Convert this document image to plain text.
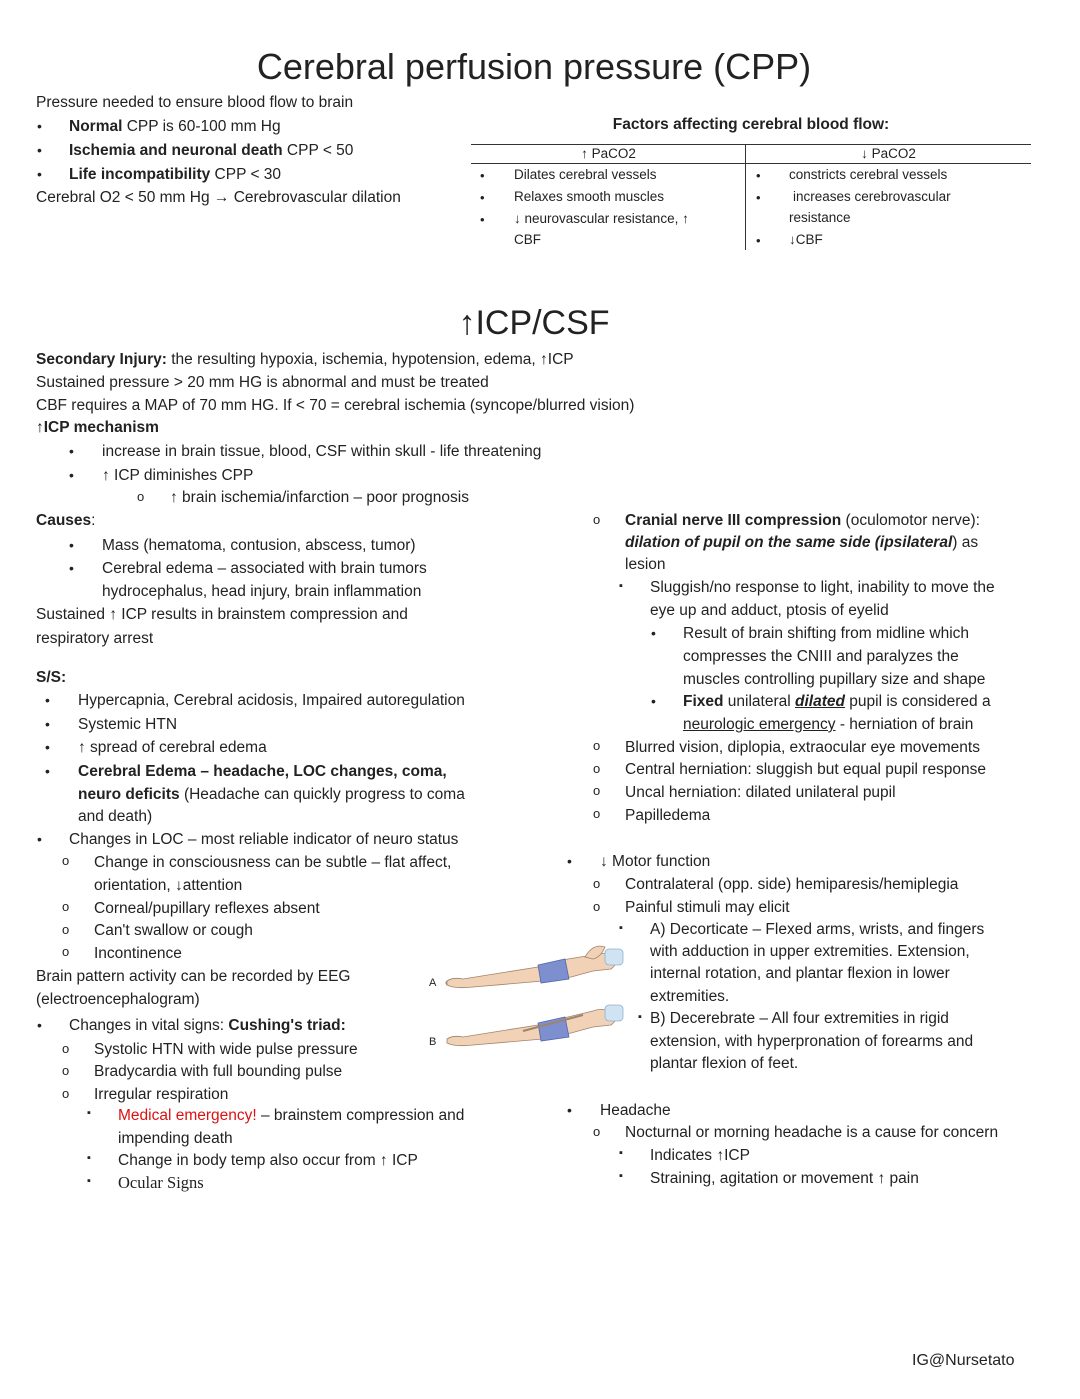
Cerebral perfusion pressure (CPP)
Pressure needed to ensure blood flow to brain
•
Normal CPP is 60-100 mm Hg
•
Ischemia and neuronal death CPP < 50
•
Life incompatibility CPP < 30
Cerebral O2 < 50 mm Hg → Cerebrovascular dilation
Factors affecting cerebral blood flow:
↑ PaCO2	↓ PaCO2
•
Dilates cerebral vessels
•
Relaxes smooth muscles
•
↓ neurovascular resistance, ↑
CBF
•
constricts cerebral vessels
•
increases cerebrovascular
resistance
•
↓CBF
↑ICP/CSF
Secondary Injury: the resulting hypoxia, ischemia, hypotension, edema, ↑ICP
Sustained pressure > 20 mm HG is abnormal and must be treated
CBF requires a MAP of 70 mm HG. If < 70 = cerebral ischemia (syncope/blurred vision)
↑ICP mechanism
•
increase in brain tissue, blood, CSF within skull - life threatening
•
↑ ICP diminishes CPP
o
↑ brain ischemia/infarction – poor prognosis
Causes:
•
Mass (hematoma, contusion, abscess, tumor)
•
Cerebral edema – associated with brain tumors
hydrocephalus, head injury, brain inflammation
Sustained ↑ ICP results in brainstem compression and
respiratory arrest
S/S:
•
Hypercapnia, Cerebral acidosis, Impaired autoregulation
•
Systemic HTN
•
↑ spread of cerebral edema
•
Cerebral Edema – headache, LOC changes, coma,
neuro deficits (Headache can quickly progress to coma
and death)
•
Changes in LOC – most reliable indicator of neuro status
o
Change in consciousness can be subtle – flat affect,
orientation, ↓attention
o
Corneal/pupillary reflexes absent
o
Can't swallow or cough
o
Incontinence
Brain pattern activity can be recorded by EEG
(electroencephalogram)
•
Changes in vital signs: Cushing's triad:
o
Systolic HTN with wide pulse pressure
o
Bradycardia with full bounding pulse
o
Irregular respiration
▪
Medical emergency! – brainstem compression and
impending death
▪
Change in body temp also occur from ↑ ICP
▪
Ocular Signs
A
B
o
Cranial nerve III compression (oculomotor nerve):
dilation of pupil on the same side (ipsilateral) as
lesion
▪
Sluggish/no response to light, inability to move the
eye up and adduct, ptosis of eyelid
•
Result of brain shifting from midline which
compresses the CNIII and paralyzes the
muscles controlling pupillary size and shape
•
Fixed unilateral dilated pupil is considered a
neurologic emergency - herniation of brain
o
Blurred vision, diplopia, extraocular eye movements
o
Central herniation: sluggish but equal pupil response
o
Uncal herniation: dilated unilateral pupil
o
Papilledema
•
↓ Motor function
o
Contralateral (opp. side) hemiparesis/hemiplegia
o
Painful stimuli may elicit
▪
A) Decorticate – Flexed arms, wrists, and fingers
with adduction in upper extremities. Extension,
internal rotation, and plantar flexion in lower
extremities.
▪
B) Decerebrate – All four extremities in rigid
extension, with hyperpronation of forearms and
plantar flexion of feet.
•
Headache
o
Nocturnal or morning headache is a cause for concern
▪
Indicates ↑ICP
▪
Straining, agitation or movement ↑ pain
IG@Nursetato
